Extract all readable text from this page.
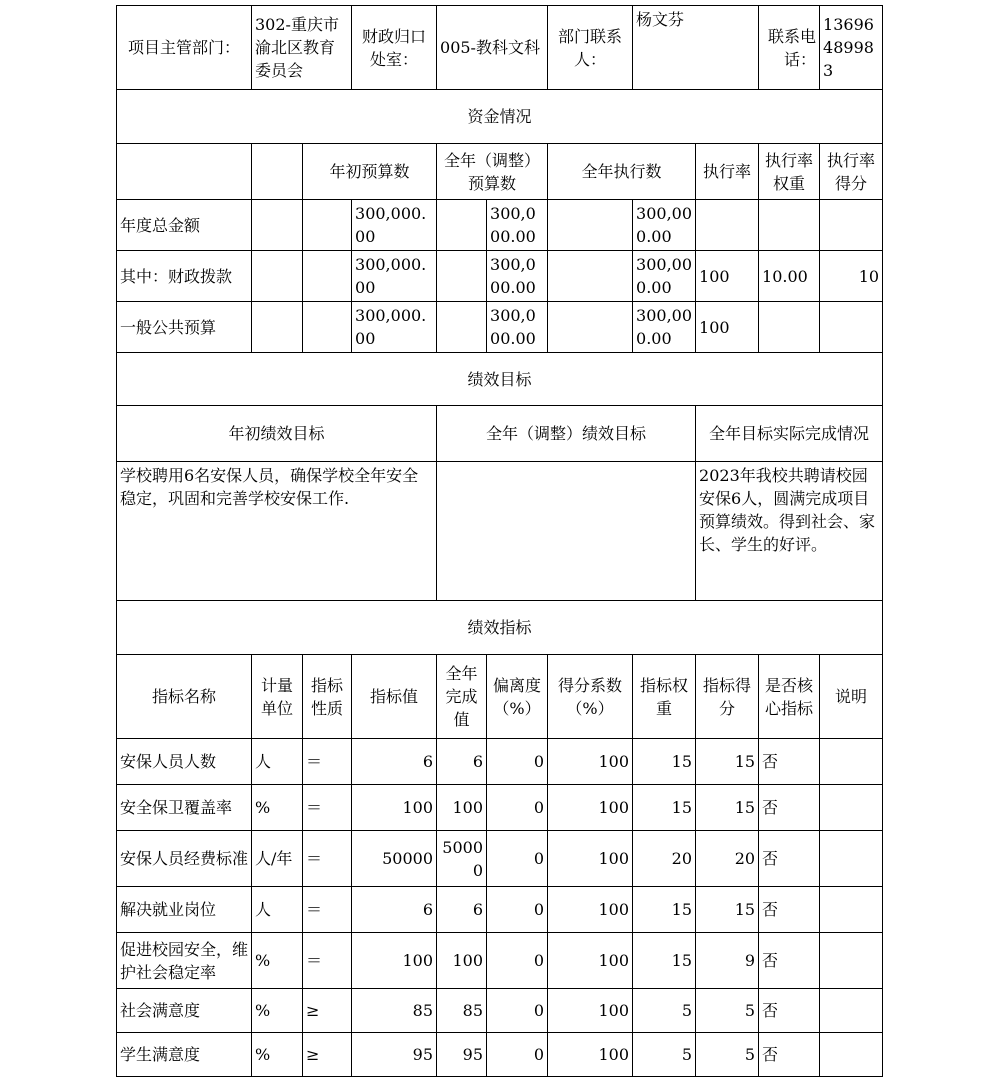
项目主管部门：	302-重庆市渝北区教育委员会		财政归口处室：	005-教科文科		部门联系人：	杨文芬		联系电话：	13696489983
资金情况										
		年初预算数		全年（调整）预算数		全年执行数		执行率	执行率权重	执行率得分
年度总金额			300,000.00		300,000.00		300,000.00			
其中：财政拨款			300,000.00		300,000.00		300,000.00	100	10.00	10
一般公共预算			300,000.00		300,000.00		300,000.00	100		
绩效目标										
年初绩效目标				全年（调整）绩效目标				全年目标实际完成情况		
学校聘用6名安保人员，确保学校全年安全稳定，巩固和完善学校安保工作.								2023年我校共聘请校园安保6人，圆满完成项目预算绩效。得到社会、家长、学生的好评。		
绩效指标										
指标名称	计量单位	指标性质	指标值	全年完成值	偏离度（%）	得分系数（%）	指标权重	指标得分	是否核心指标	说明
安保人员人数	人	＝	6	6	0	100	15	15	否	
安全保卫覆盖率	%	＝	100	100	0	100	15	15	否	
安保人员经费标准	人/年	＝	50000	50000	0	100	20	20	否	
解决就业岗位	人	＝	6	6	0	100	15	15	否	
促进校园安全，维护社会稳定率	%	＝	100	100	0	100	15	9	否	
社会满意度	%	≥	85	85	0	100	5	5	否	
学生满意度	%	≥	95	95	0	100	5	5	否	
